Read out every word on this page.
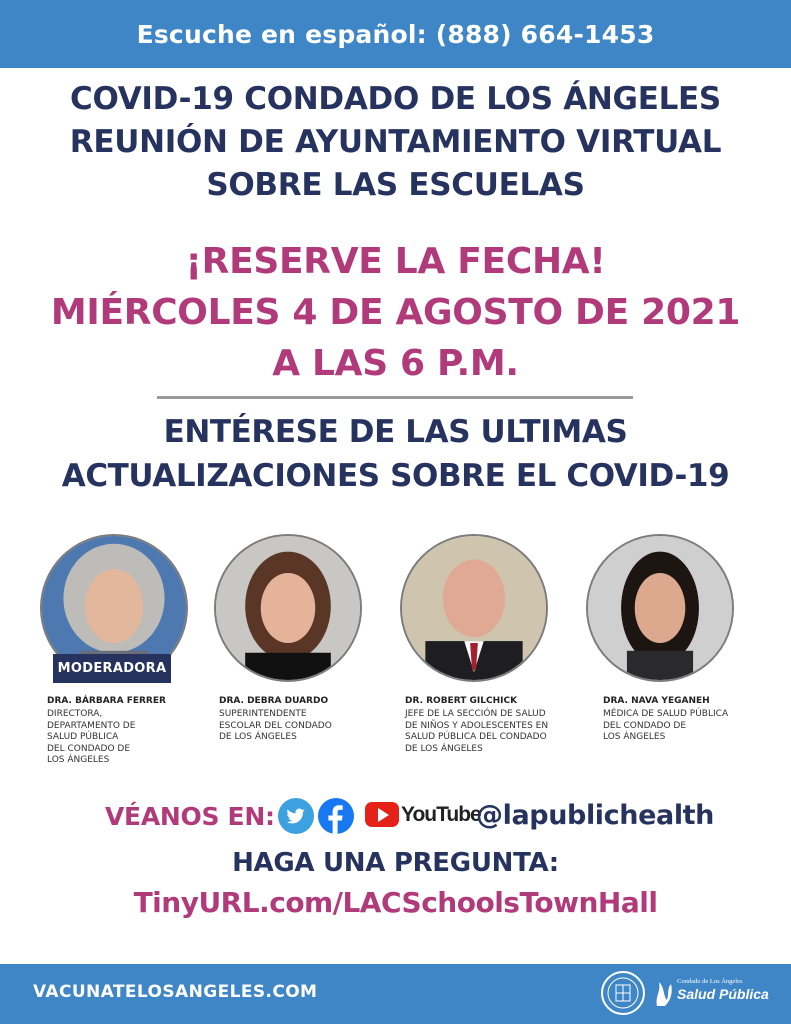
Escuche en español: (888) 664-1453
COVID-19 CONDADO DE LOS ÁNGELES
REUNIÓN DE AYUNTAMIENTO VIRTUAL
SOBRE LAS ESCUELAS
¡RESERVE LA FECHA!
MIÉRCOLES 4 DE AGOSTO DE 2021
A LAS 6 P.M.
ENTÉRESE DE LAS ULTIMAS
ACTUALIZACIONES SOBRE EL COVID-19
MODERADORA
DRA. BÁRBARA FERRER
DIRECTORA,
DEPARTAMENTO DE
SALUD PÚBLICA
DEL CONDADO DE
LOS ÁNGELES
DRA. DEBRA DUARDO
SUPERINTENDENTE
ESCOLAR DEL CONDADO
DE LOS ÁNGELES
DR. ROBERT GILCHICK
JEFE DE LA SECCIÓN DE SALUD
DE NIÑOS Y ADOLESCENTES EN
SALUD PÚBLICA DEL CONDADO
DE LOS ÁNGELES
DRA. NAVA YEGANEH
MÉDICA DE SALUD PÚBLICA
DEL CONDADO DE
LOS ÁNGELES
VÉANOS EN:	YouTube
@lapublichealth
HAGA UNA PREGUNTA:
TinyURL.com/LACSchoolsTownHall
VACUNATELOSANGELES.COM
Condado de Los Ángeles
Salud Pública
